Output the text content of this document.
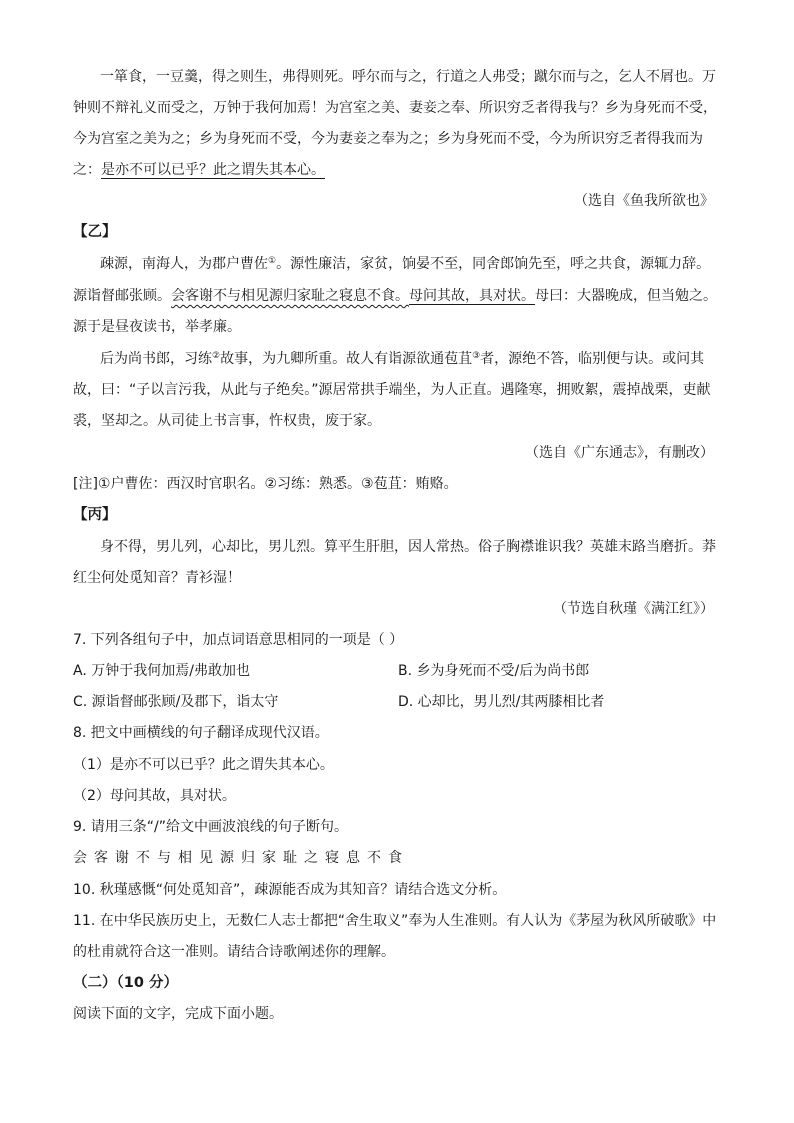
一箪食，一豆羹，得之则生，弗得则死。呼尔而与之，行道之人弗受；蹴尔而与之，乞人不屑也。万
钟则不辩礼义而受之，万钟于我何加焉！为宫室之美、妻妾之奉、所识穷乏者得我与？乡为身死而不受，
今为宫室之美为之；乡为身死而不受，今为妻妾之奉为之；乡为身死而不受，今为所识穷乏者得我而为
之：是亦不可以已乎？此之谓失其本心。
（选自《鱼我所欲也》
【乙】
疎源，南海人，为郡户曹佐①。源性廉洁，家贫，饷晏不至，同舍郎饷先至，呼之共食，源辄力辞。
源诣督邮张顾。会客谢不与相见源归家耻之寝息不食。母问其故，具对状。母曰：大器晚成，但当勉之。
源于是昼夜读书，举孝廉。
后为尚书郎，习练②故事，为九卿所重。故人有诣源欲通苞苴③者，源绝不答，临别便与诀。或问其
故，曰：“子以言污我，从此与子绝矣。”源居常拱手端坐，为人正直。遇隆寒，拥败絮，震掉战栗，吏献
裘，坚却之。从司徒上书言事，忤权贵，废于家。
（选自《广东通志》，有删改）
[注]①户曹佐：西汉时官职名。②习练：熟悉。③苞苴：贿赂。
【丙】
身不得，男儿列，心却比，男儿烈。算平生肝胆，因人常热。俗子胸襟谁识我？英雄末路当磨折。莽
红尘何处觅知音？青衫湿！
（节选自秋瑾《满江红》）
7. 下列各组句子中，加点词语意思相同的一项是（ ）
A. 万钟于我何加焉/弗敢加也	B. 乡为身死而不受/后为尚书郎
C. 源诣督邮张顾/及郡下，诣太守	D. 心却比，男儿烈/其两膝相比者
8. 把文中画横线的句子翻译成现代汉语。
（1）是亦不可以已乎？此之谓失其本心。
（2）母问其故，具对状。
9. 请用三条“/”给文中画波浪线的句子断句。
会客谢不与相见源归家耻之寝息不食
10. 秋瑾感慨“何处觅知音”，疎源能否成为其知音？请结合选文分析。
11. 在中华民族历史上，无数仁人志士都把“舍生取义”奉为人生准则。有人认为《茅屋为秋风所破歌》中
的杜甫就符合这一准则。请结合诗歌阐述你的理解。
（二）（10 分）
阅读下面的文字，完成下面小题。
